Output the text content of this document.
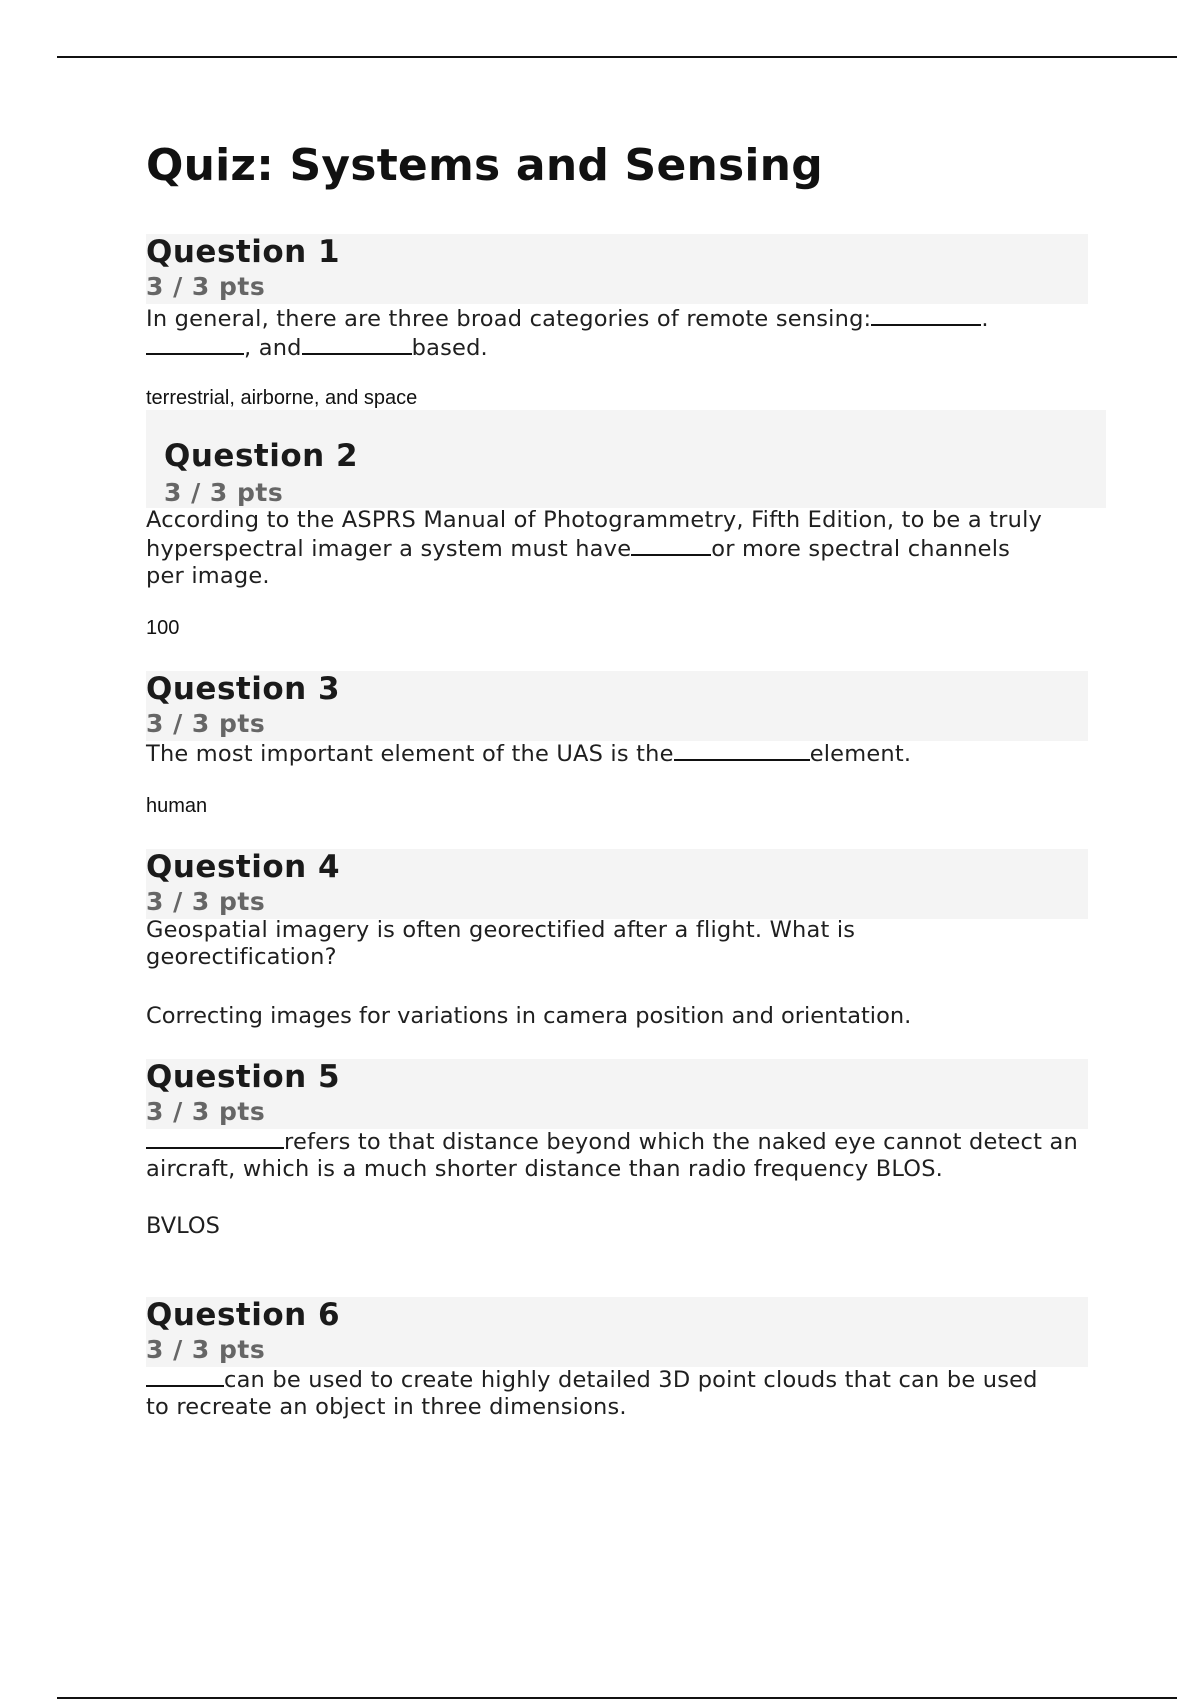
Quiz: Systems and Sensing
Question 1
3 / 3 pts
In general, there are three broad categories of remote sensing:	.
, and	based.
terrestrial, airborne, and space
Question 2
3 / 3 pts
According to the ASPRS Manual of Photogrammetry, Fifth Edition, to be a truly hyperspectral imager a system must have	or more spectral channels per image.
100
Question 3
3 / 3 pts
The most important element of the UAS is the	element.
human
Question 4
3 / 3 pts
Geospatial imagery is often georectified after a flight. What is georectification?
Correcting images for variations in camera position and orientation.
Question 5
3 / 3 pts
refers to that distance beyond which the naked eye cannot detect an aircraft, which is a much shorter distance than radio frequency BLOS.
BVLOS
Question 6
3 / 3 pts
can be used to create highly detailed 3D point clouds that can be used
to recreate an object in three dimensions.
